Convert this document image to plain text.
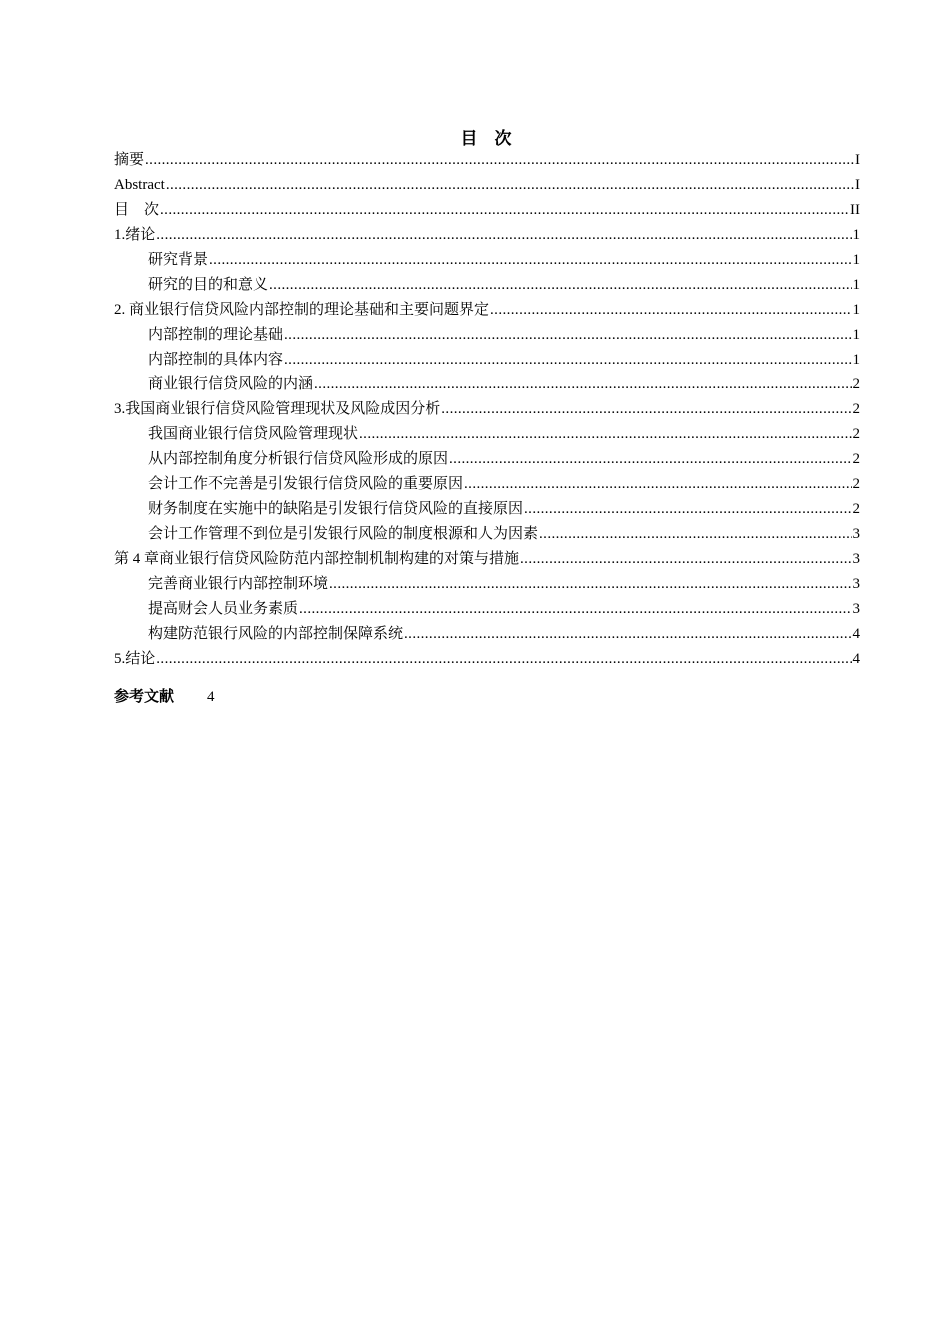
目　次
摘要 .....	I
Abstract .....	I
目　次 .....	II
1.绪论 .....	1
研究背景 .....	1
研究的目的和意义 .....	1
2. 商业银行信贷风险内部控制的理论基础和主要问题界定 .....	1
内部控制的理论基础 .....	1
内部控制的具体内容 .....	1
商业银行信贷风险的内涵 .....	2
3.我国商业银行信贷风险管理现状及风险成因分析 .....	2
我国商业银行信贷风险管理现状 .....	2
从内部控制角度分析银行信贷风险形成的原因 .....	2
会计工作不完善是引发银行信贷风险的重要原因 .....	2
财务制度在实施中的缺陷是引发银行信贷风险的直接原因 .....	2
会计工作管理不到位是引发银行风险的制度根源和人为因素 .....	3
第 4 章商业银行信贷风险防范内部控制机制构建的对策与措施 .....	3
完善商业银行内部控制环境 .....	3
提高财会人员业务素质 .....	3
构建防范银行风险的内部控制保障系统 .....	4
5.结论 .....	4
参考文献 4
